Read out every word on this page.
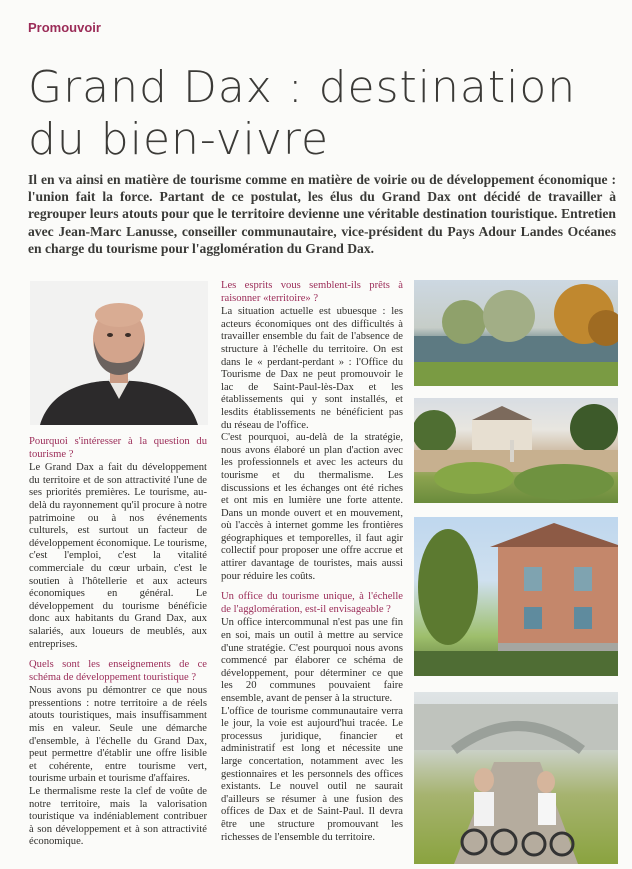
Promouvoir
Grand Dax : destination
du bien-vivre
Il en va ainsi en matière de tourisme comme en matière de voirie ou de développement économique : l'union fait la force. Partant de ce postulat, les élus du Grand Dax ont décidé de travailler à regrouper leurs atouts pour que le territoire devienne une véritable destination touristique. Entretien avec Jean-Marc Lanusse, conseiller communautaire, vice-président du Pays Adour Landes Océanes en charge du tourisme pour l'agglomération du Grand Dax.
Pourquoi s'intéresser à la question du tourisme ?

Le Grand Dax a fait du développement du territoire et de son attractivité l'une de ses priorités premières. Le tourisme, au-delà du rayonnement qu'il procure à notre patrimoine ou à nos événements culturels, est surtout un facteur de développement économique. Le tourisme, c'est l'emploi, c'est la vitalité commerciale du cœur urbain, c'est le soutien à l'hôtellerie et aux acteurs économiques en général. Le développement du tourisme bénéficie donc aux habitants du Grand Dax, aux salariés, aux loueurs de meublés, aux entreprises.

Quels sont les enseignements de ce schéma de développement touristique ?

Nous avons pu démontrer ce que nous pressentions : notre territoire a de réels atouts touristiques, mais insuffisamment mis en valeur. Seule une démarche d'ensemble, à l'échelle du Grand Dax, peut permettre d'établir une offre lisible et cohérente, entre tourisme vert, tourisme urbain et tourisme d'affaires.

Le thermalisme reste la clef de voûte de notre territoire, mais la valorisation touristique va indéniablement contribuer à son développement et à son attractivité économique.

Les esprits vous semblent-ils prêts à raisonner «territoire» ?

La situation actuelle est ubuesque : les acteurs économiques ont des difficultés à travailler ensemble du fait de l'absence de structure à l'échelle du territoire. On est dans le « perdant-perdant » : l'Office du Tourisme de Dax ne peut promouvoir le lac de Saint-Paul-lès-Dax et les établissements qui y sont installés, et lesdits établissements ne bénéficient pas du réseau de l'office.

C'est pourquoi, au-delà de la stratégie, nous avons élaboré un plan d'action avec les professionnels et avec les acteurs du tourisme et du thermalisme. Les discussions et les échanges ont été riches et ont mis en lumière une forte attente. Dans un monde ouvert et en mouvement, où l'accès à internet gomme les frontières géographiques et temporelles, il faut agir collectif pour proposer une offre accrue et attirer davantage de touristes, mais aussi pour réduire les coûts.

Un office du tourisme unique, à l'échelle de l'agglomération, est-il envisageable ?

Un office intercommunal n'est pas une fin en soi, mais un outil à mettre au service d'une stratégie. C'est pourquoi nous avons commencé par élaborer ce schéma de développement, pour déterminer ce que les 20 communes pouvaient faire ensemble, avant de penser à la structure.

L'office de tourisme communautaire verra le jour, la voie est aujourd'hui tracée. Le processus juridique, financier et administratif est long et nécessite une large concertation, notamment avec les gestionnaires et les personnels des offices existants. Le nouvel outil ne saurait d'ailleurs se résumer à une fusion des offices de Dax et de Saint-Paul. Il devra être une structure promouvant les richesses de l'ensemble du territoire.
